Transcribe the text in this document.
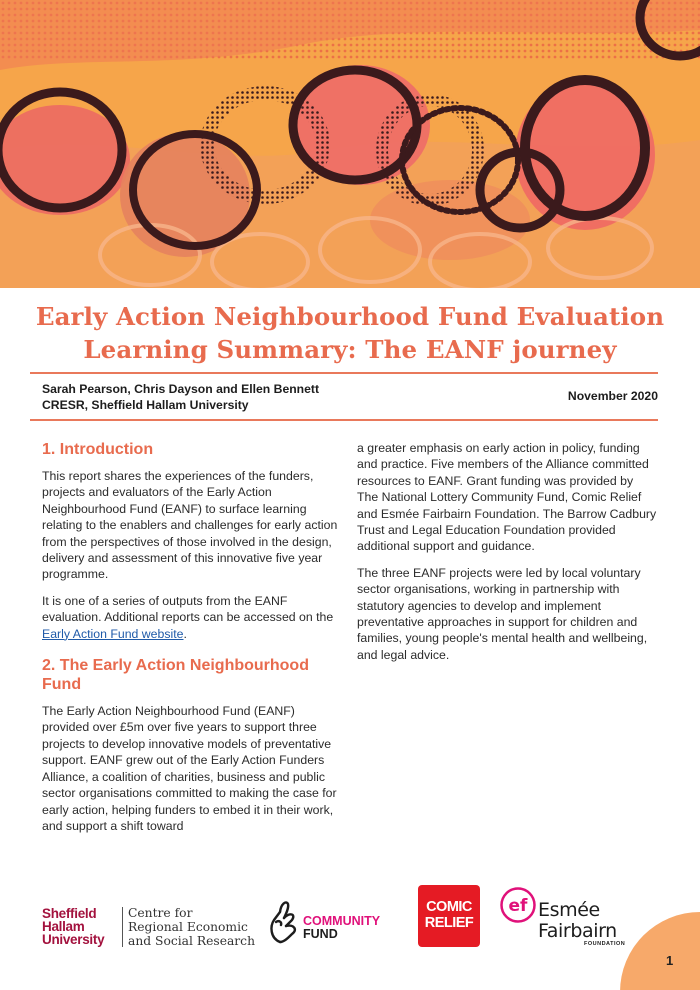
Early Action Neighbourhood Fund Evaluation
Learning Summary: The EANF journey
Sarah Pearson, Chris Dayson and Ellen Bennett
CRESR, Sheffield Hallam University
November 2020
1. Introduction

This report shares the experiences of the funders, projects and evaluators of the Early Action Neighbourhood Fund (EANF) to surface learning relating to the enablers and challenges for early action from the perspectives of those involved in the design, delivery and assessment of this innovative five year programme.

It is one of a series of outputs from the EANF evaluation. Additional reports can be accessed on the Early Action Fund website.

2. The Early Action Neighbourhood Fund

The Early Action Neighbourhood Fund (EANF) provided over £5m over five years to support three projects to develop innovative models of preventative support. EANF grew out of the Early Action Funders Alliance, a coalition of charities, business and public sector organisations committed to making the case for early action, helping funders to embed it in their work, and support a shift toward

a greater emphasis on early action in policy, funding and practice. Five members of the Alliance committed resources to EANF. Grant funding was provided by The National Lottery Community Fund, Comic Relief and Esmée Fairbairn Foundation. The Barrow Cadbury Trust and Legal Education Foundation provided additional support and guidance.

The three EANF projects were led by local voluntary sector organisations, working in partnership with statutory agencies to develop and implement preventative approaches in support for children and families, young people's mental health and wellbeing, and legal advice.

Sheffield
Hallam
University
Centre for
Regional Economic
and Social Research
COMMUNITY
FUND
COMIC
RELIEF
ef Esmée
Fairbairn
FOUNDATION
1
